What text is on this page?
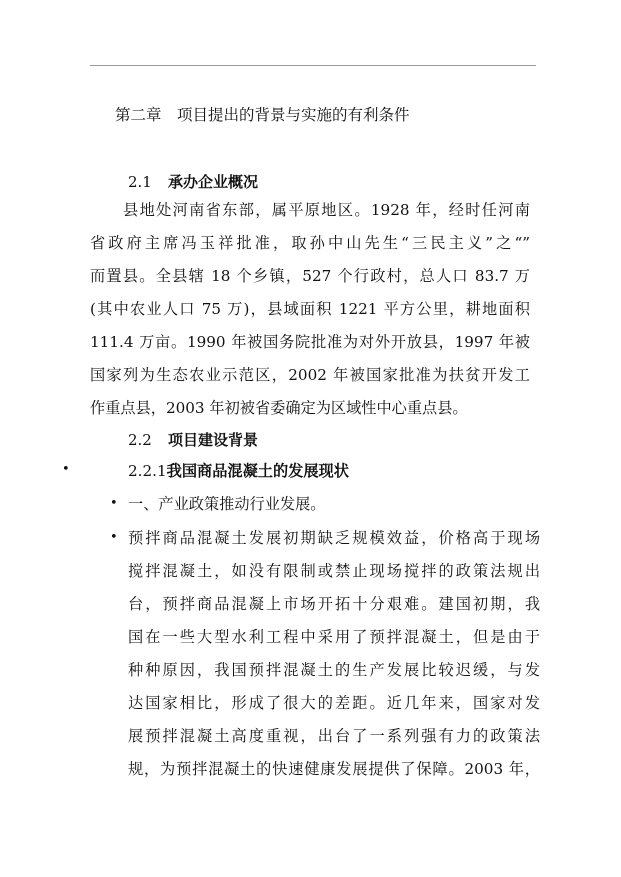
第二章　项目提出的背景与实施的有利条件
2.1 承办企业概况
　　县地处河南省东部，属平原地区。1928 年，经时任河南
省政府主席冯玉祥批准，取孙中山先生“三民主义”之“”
而置县。全县辖 18 个乡镇，527 个行政村，总人口 83.7 万
(其中农业人口 75 万)，县域面积 1221 平方公里，耕地面积
111.4 万亩。1990 年被国务院批准为对外开放县，1997 年被
国家列为生态农业示范区，2002 年被国家批准为扶贫开发工
作重点县，2003 年初被省委确定为区域性中心重点县。
2.2 项目建设背景
•	2.2.1我国商品混凝土的发展现状
• 一、产业政策推动行业发展。
• 预拌商品混凝土发展初期缺乏规模效益，价格高于现场
搅拌混凝土，如没有限制或禁止现场搅拌的政策法规出
台，预拌商品混凝上市场开拓十分艰难。建国初期，我
国在一些大型水利工程中采用了预拌混凝土，但是由于
种种原因，我国预拌混凝土的生产发展比较迟缓，与发
达国家相比，形成了很大的差距。近几年来，国家对发
展预拌混凝土高度重视，出台了一系列强有力的政策法
规，为预拌混凝土的快速健康发展提供了保障。2003 年，
